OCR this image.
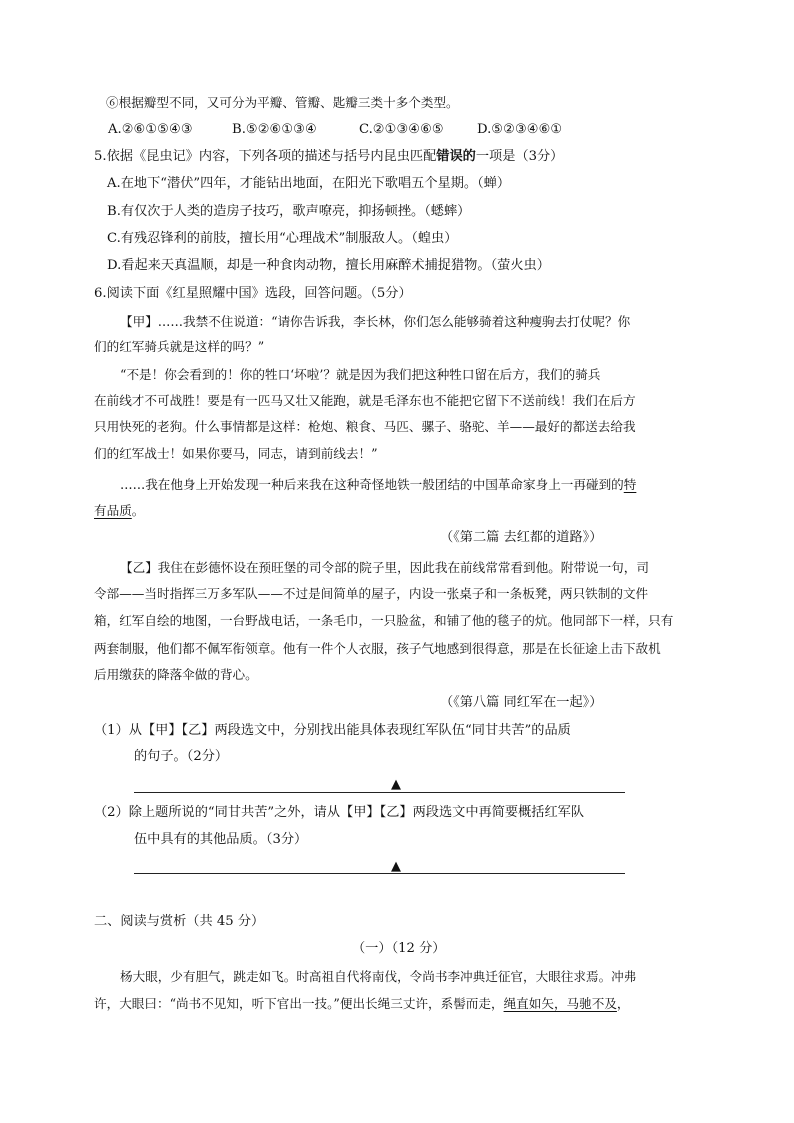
⑥根据瓣型不同，又可分为平瓣、管瓣、匙瓣三类十多个类型。
A.②⑥①⑤④③	B.⑤②⑥①③④	C.②①③④⑥⑤	D.⑤②③④⑥①
5.依据《昆虫记》内容，下列各项的描述与括号内昆虫匹配错误的一项是（3分）
A.在地下“潜伏”四年，才能钻出地面，在阳光下歌唱五个星期。（蝉）
B.有仅次于人类的造房子技巧，歌声嘹亮，抑扬顿挫。（蟋蟀）
C.有残忍锋利的前肢，擅长用“心理战术”制服敌人。（蝗虫）
D.看起来天真温顺，却是一种食肉动物，擅长用麻醉术捕捉猎物。（萤火虫）
6.阅读下面《红星照耀中国》选段，回答问题。（5分）
【甲】……我禁不住说道：“请你告诉我，李长林，你们怎么能够骑着这种瘦驹去打仗呢？你
们的红军骑兵就是这样的吗？”
“不是！你会看到的！你的牲口‘坏啦’？就是因为我们把这种牲口留在后方，我们的骑兵
在前线才不可战胜！要是有一匹马又壮又能跑，就是毛泽东也不能把它留下不送前线！我们在后方
只用快死的老狗。什么事情都是这样：枪炮、粮食、马匹、骡子、骆驼、羊——最好的都送去给我
们的红军战士！如果你要马，同志，请到前线去！”
……我在他身上开始发现一种后来我在这种奇怪地铁一般团结的中国革命家身上一再碰到的特
有品质。
（《第二篇 去红都的道路》）
【乙】我住在彭德怀设在预旺堡的司令部的院子里，因此我在前线常常看到他。附带说一句，司
令部——当时指挥三万多军队——不过是间简单的屋子，内设一张桌子和一条板凳，两只铁制的文件
箱，红军自绘的地图，一台野战电话，一条毛巾，一只脸盆，和铺了他的毯子的炕。他同部下一样，只有
两套制服，他们都不佩军衔领章。他有一件个人衣服，孩子气地感到很得意，那是在长征途上击下敌机
后用缴获的降落伞做的背心。
（《第八篇 同红军在一起》）
（1）从【甲】【乙】两段选文中，分别找出能具体表现红军队伍“同甘共苦”的品质
的句子。（2分）
▲
（2）除上题所说的“同甘共苦”之外，请从【甲】【乙】两段选文中再简要概括红军队
伍中具有的其他品质。（3分）
▲
二、阅读与赏析（共 45 分）
（一）（12 分）
杨大眼，少有胆气，跳走如飞。时高祖自代将南伐，令尚书李冲典迁征官，大眼往求焉。冲弗
许，大眼曰：“尚书不见知，听下官出一技。”便出长绳三丈许，系髻而走，绳直如矢，马驰不及，
